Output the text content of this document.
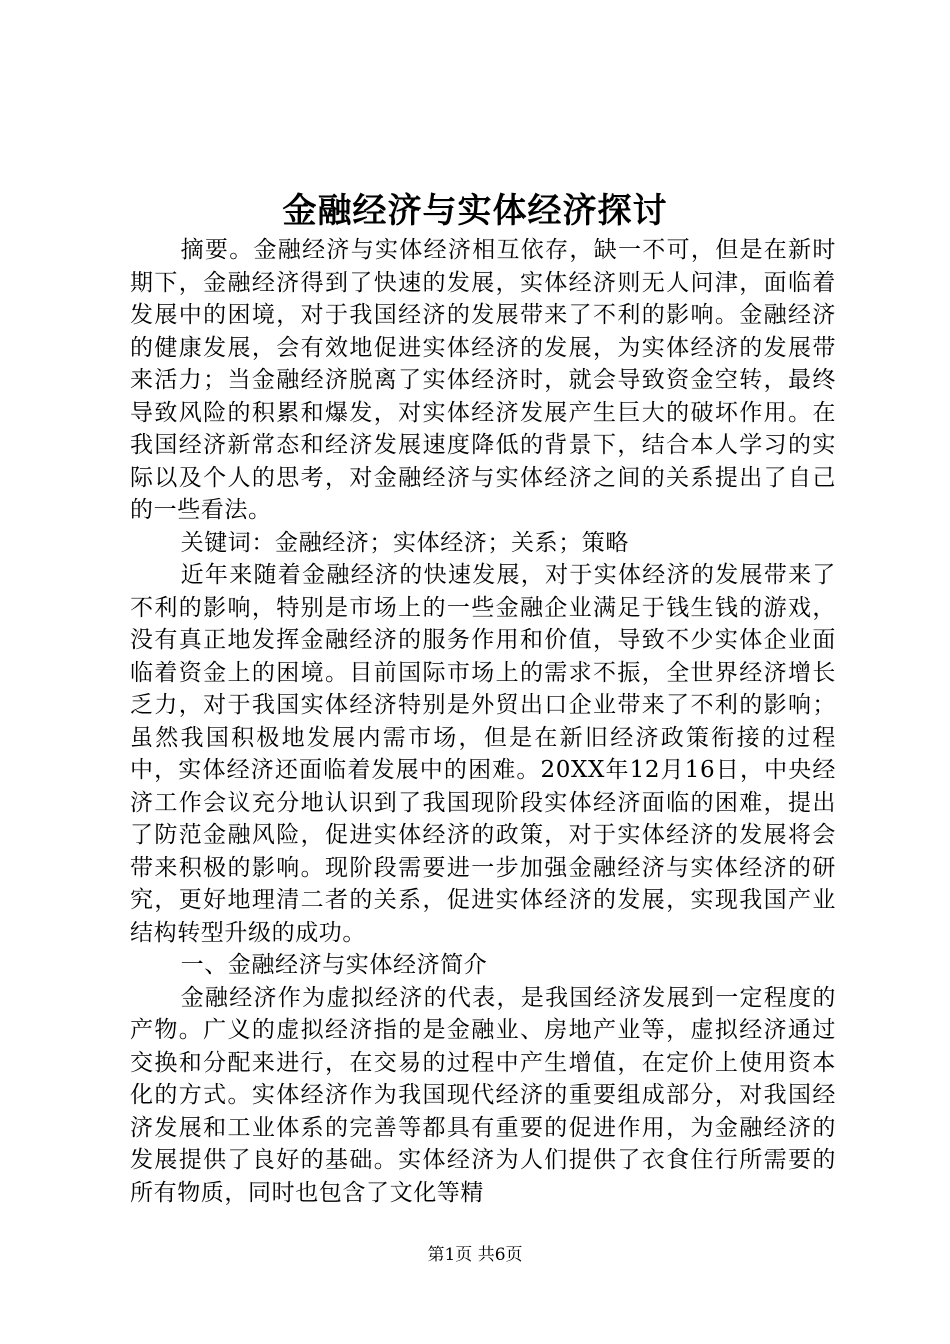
金融经济与实体经济探讨

摘要。金融经济与实体经济相互依存，缺一不可，但是在新时期下，金融经济得到了快速的发展，实体经济则无人问津，面临着发展中的困境，对于我国经济的发展带来了不利的影响。金融经济的健康发展，会有效地促进实体经济的发展，为实体经济的发展带来活力；当金融经济脱离了实体经济时，就会导致资金空转，最终导致风险的积累和爆发，对实体经济发展产生巨大的破坏作用。在我国经济新常态和经济发展速度降低的背景下，结合本人学习的实际以及个人的思考，对金融经济与实体经济之间的关系提出了自己的一些看法。

关键词：金融经济；实体经济；关系；策略

近年来随着金融经济的快速发展，对于实体经济的发展带来了不利的影响，特别是市场上的一些金融企业满足于钱生钱的游戏，没有真正地发挥金融经济的服务作用和价值，导致不少实体企业面临着资金上的困境。目前国际市场上的需求不振，全世界经济增长乏力，对于我国实体经济特别是外贸出口企业带来了不利的影响；虽然我国积极地发展内需市场，但是在新旧经济政策衔接的过程中，实体经济还面临着发展中的困难。20XX年12月16日，中央经济工作会议充分地认识到了我国现阶段实体经济面临的困难，提出了防范金融风险，促进实体经济的政策，对于实体经济的发展将会带来积极的影响。现阶段需要进一步加强金融经济与实体经济的研究，更好地理清二者的关系，促进实体经济的发展，实现我国产业结构转型升级的成功。

一、金融经济与实体经济简介

金融经济作为虚拟经济的代表，是我国经济发展到一定程度的产物。广义的虚拟经济指的是金融业、房地产业等，虚拟经济通过交换和分配来进行，在交易的过程中产生增值，在定价上使用资本化的方式。实体经济作为我国现代经济的重要组成部分，对我国经济发展和工业体系的完善等都具有重要的促进作用，为金融经济的发展提供了良好的基础。实体经济为人们提供了衣食住行所需要的所有物质，同时也包含了文化等精

第1页 共6页
